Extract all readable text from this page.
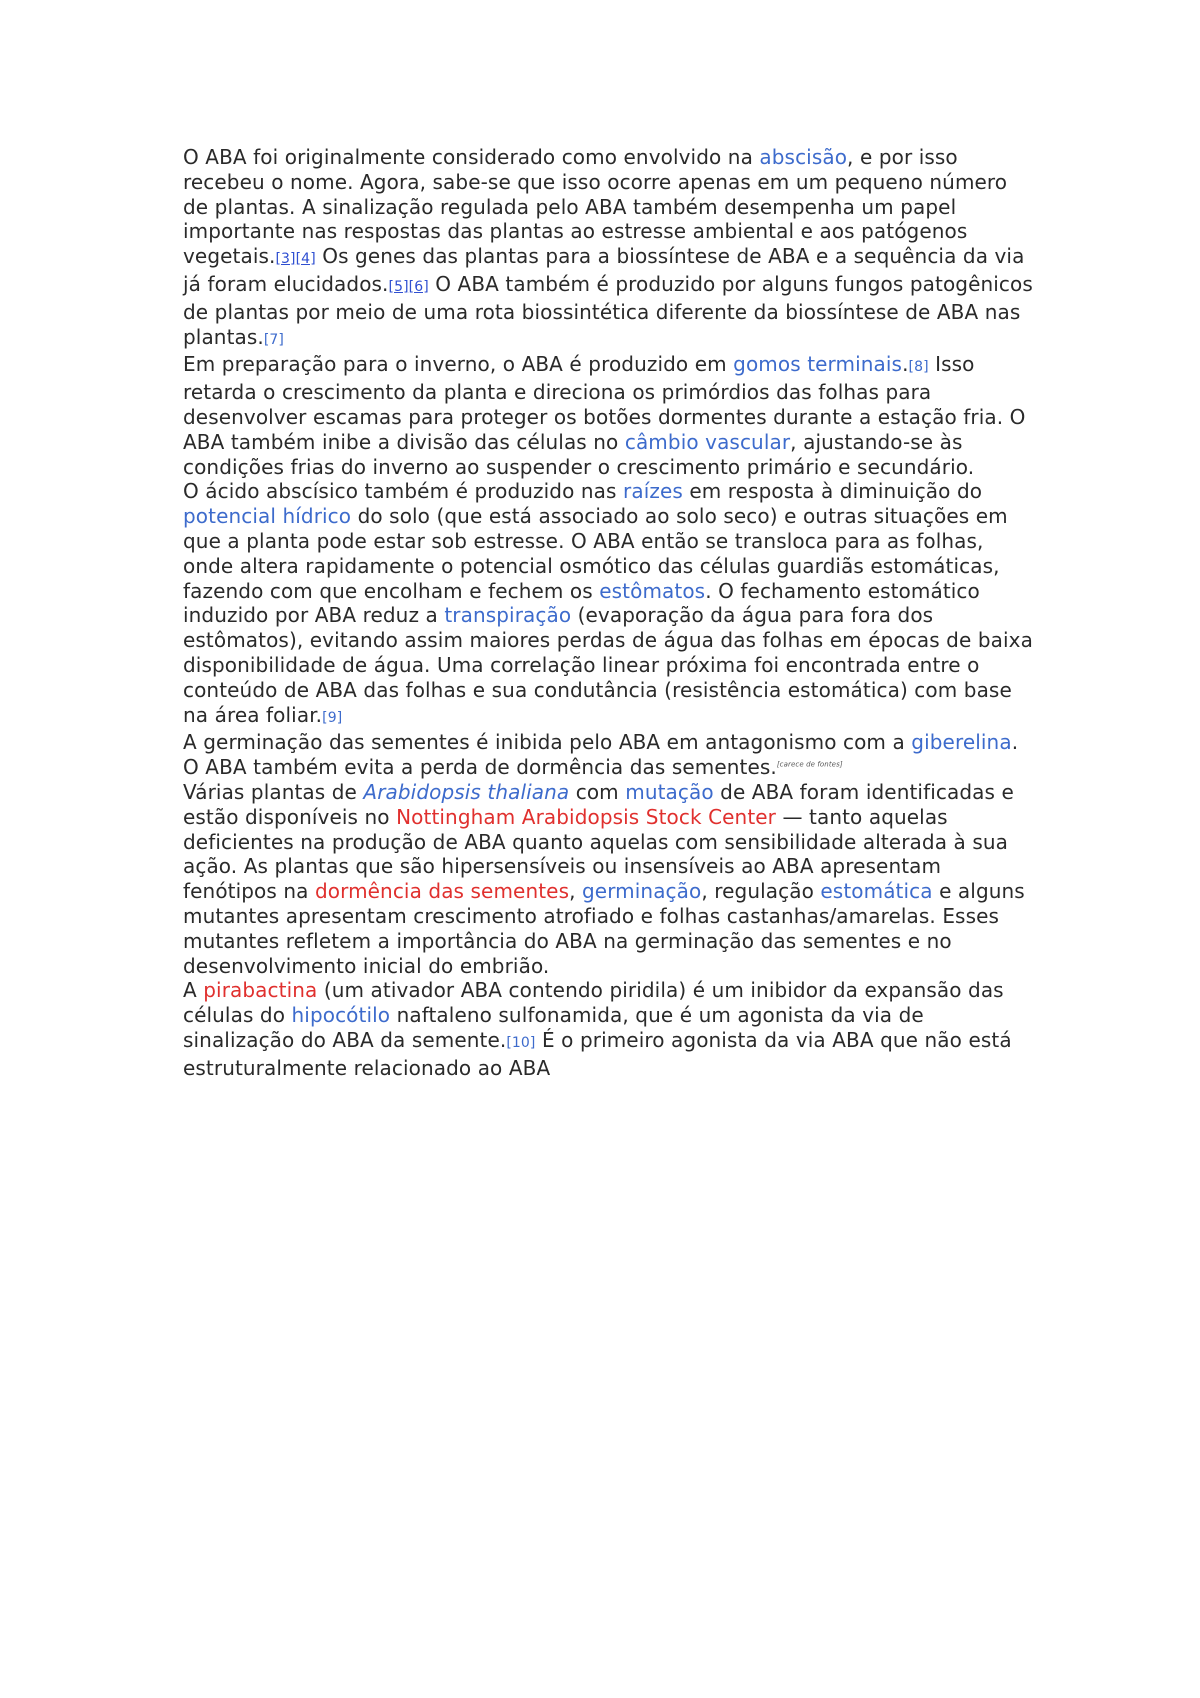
O ABA foi originalmente considerado como envolvido na abscisão, e por isso recebeu o nome. Agora, sabe-se que isso ocorre apenas em um pequeno número de plantas. A sinalização regulada pelo ABA também desempenha um papel importante nas respostas das plantas ao estresse ambiental e aos patógenos vegetais.[3][4] Os genes das plantas para a biossíntese de ABA e a sequência da via já foram elucidados.[5][6] O ABA também é produzido por alguns fungos patogênicos de plantas por meio de uma rota biossintética diferente da biossíntese de ABA nas plantas.[7]

Em preparação para o inverno, o ABA é produzido em gomos terminais.[8] Isso retarda o crescimento da planta e direciona os primórdios das folhas para desenvolver escamas para proteger os botões dormentes durante a estação fria. O ABA também inibe a divisão das células no câmbio vascular, ajustando-se às condições frias do inverno ao suspender o crescimento primário e secundário.

O ácido abscísico também é produzido nas raízes em resposta à diminuição do potencial hídrico do solo (que está associado ao solo seco) e outras situações em que a planta pode estar sob estresse. O ABA então se transloca para as folhas, onde altera rapidamente o potencial osmótico das células guardiãs estomáticas, fazendo com que encolham e fechem os estômatos. O fechamento estomático induzido por ABA reduz a transpiração (evaporação da água para fora dos estômatos), evitando assim maiores perdas de água das folhas em épocas de baixa disponibilidade de água. Uma correlação linear próxima foi encontrada entre o conteúdo de ABA das folhas e sua condutância (resistência estomática) com base na área foliar.[9]

A germinação das sementes é inibida pelo ABA em antagonismo com a giberelina. O ABA também evita a perda de dormência das sementes.[carece de fontes]

Várias plantas de Arabidopsis thaliana com mutação de ABA foram identificadas e estão disponíveis no Nottingham Arabidopsis Stock Center — tanto aquelas deficientes na produção de ABA quanto aquelas com sensibilidade alterada à sua ação. As plantas que são hipersensíveis ou insensíveis ao ABA apresentam fenótipos na dormência das sementes, germinação, regulação estomática e alguns mutantes apresentam crescimento atrofiado e folhas castanhas/amarelas. Esses mutantes refletem a importância do ABA na germinação das sementes e no desenvolvimento inicial do embrião.

A pirabactina (um ativador ABA contendo piridila) é um inibidor da expansão das células do hipocótilo naftaleno sulfonamida, que é um agonista da via de sinalização do ABA da semente.[10] É o primeiro agonista da via ABA que não está estruturalmente relacionado ao ABA
